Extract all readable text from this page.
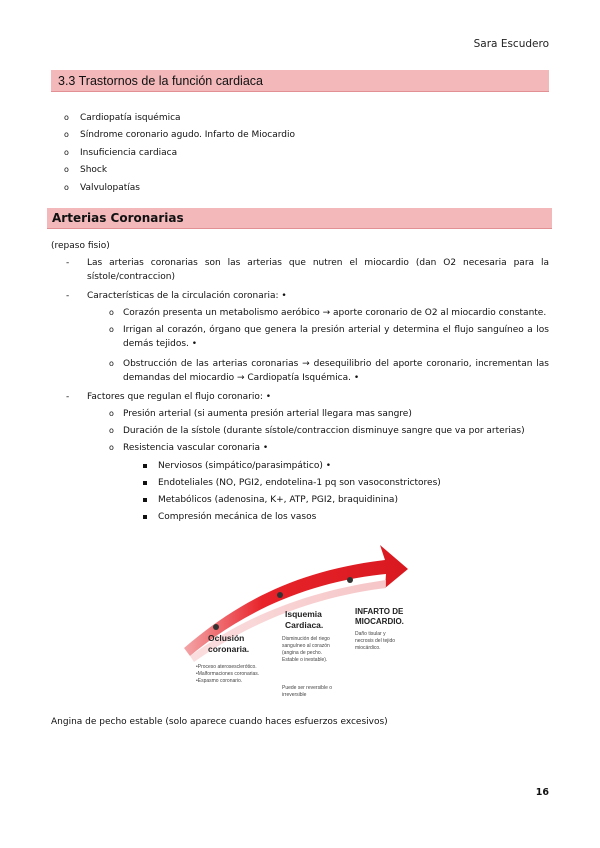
Sara Escudero
3.3 Trastornos de la función cardiaca
o Cardiopatía isquémica
o Síndrome coronario agudo. Infarto de Miocardio
o Insuficiencia cardiaca
o Shock
o Valvulopatías
Arterias Coronarias
(repaso fisio)
- Las arterias coronarias son las arterias que nutren el miocardio (dan O2 necesaria para la sístole/contraccion)
- Características de la circulación coronaria: •
o Corazón presenta un metabolismo aeróbico → aporte coronario de O2 al miocardio constante.
o Irrigan al corazón, órgano que genera la presión arterial y determina el flujo sanguíneo a los demás tejidos. •
o Obstrucción de las arterias coronarias → desequilibrio del aporte coronario, incrementan las demandas del miocardio → Cardiopatía Isquémica. •
- Factores que regulan el flujo coronario: •
o Presión arterial (si aumenta presión arterial llegara mas sangre)
o Duración de la sístole (durante sístole/contraccion disminuye sangre que va por arterias)
o Resistencia vascular coronaria •
Nerviosos (simpático/parasimpático) •
Endoteliales (NO, PGI2, endotelina-1 pq son vasoconstrictores)
Metabólicos (adenosina, K+, ATP, PGI2, braquidinina)
Compresión mecánica de los vasos
Oclusión
coronaria.
•Proceso aterosesclerótico.
•Malformaciones coronarias.
•Espasmo coronario.
Isquemia
Cardiaca.
Disminución del riego
sanguíneo al corazón
(angina de pecho.
Estable o inestable).
Puede ser reversible o
irreversible
INFARTO DE
MIOCARDIO.
Daño tisular y
necrosis del tejido
miocárdico.
Angina de pecho estable (solo aparece cuando haces esfuerzos excesivos)
16
